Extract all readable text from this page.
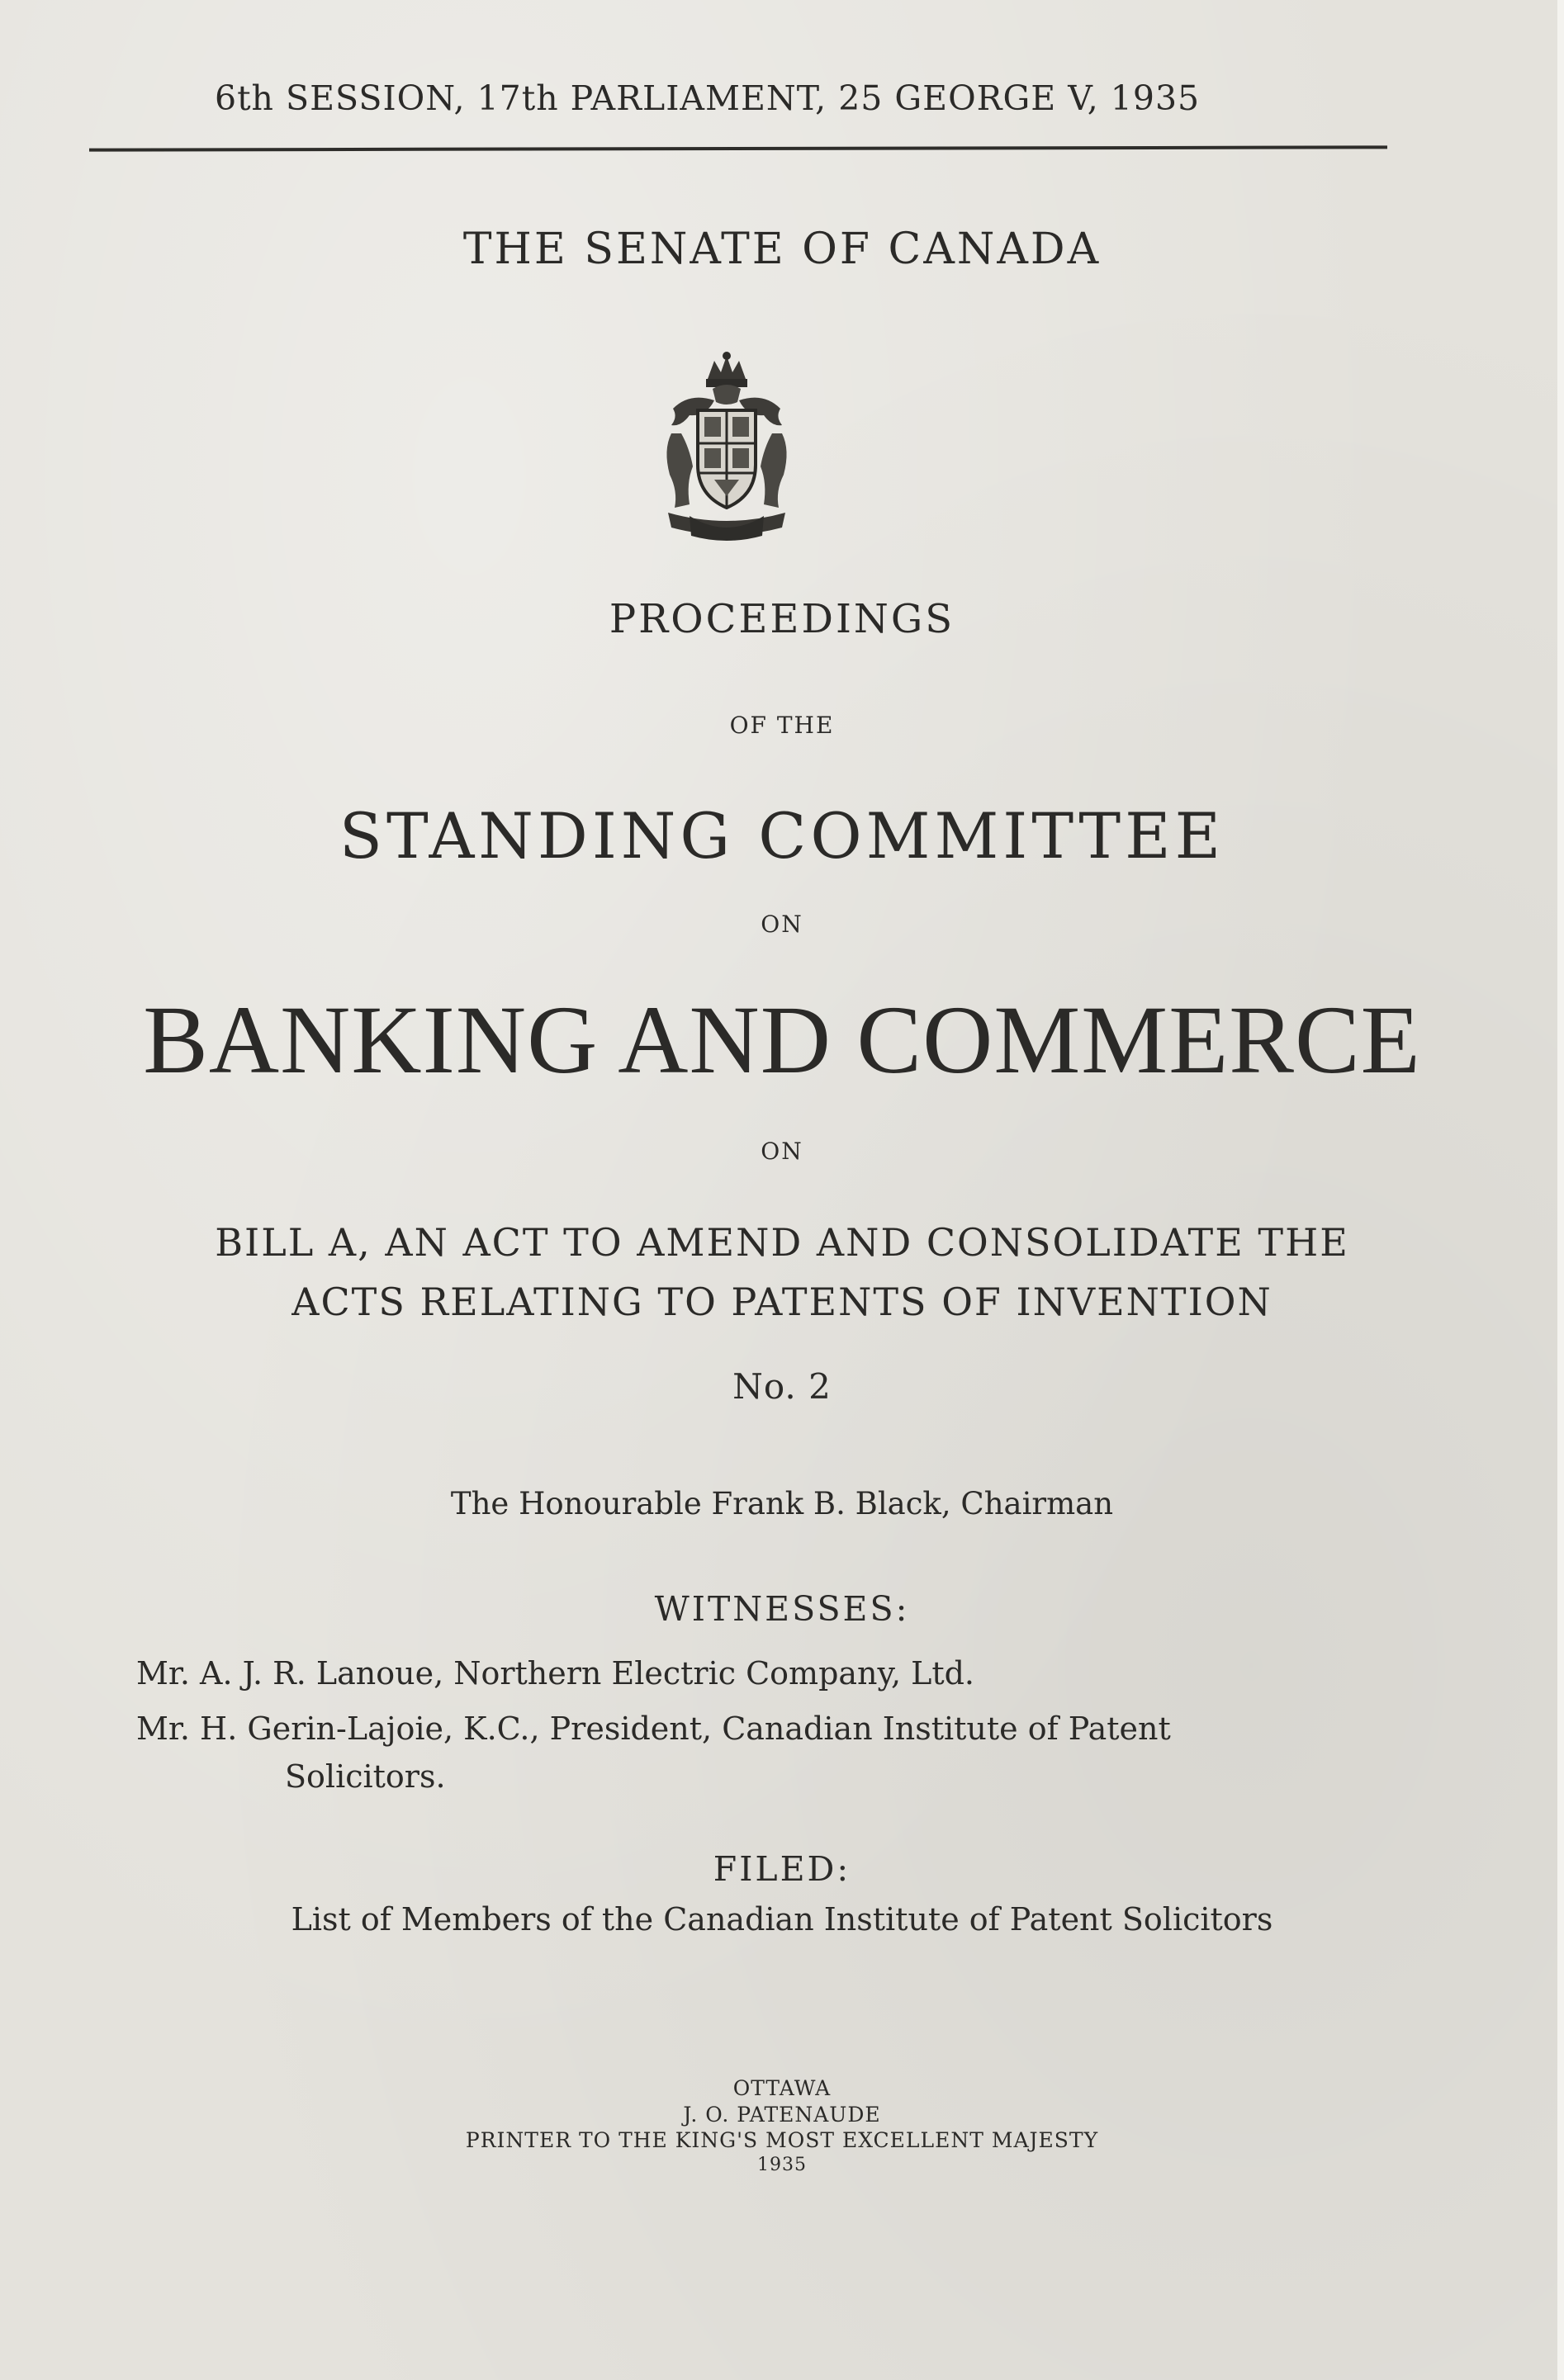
6th SESSION, 17th PARLIAMENT, 25 GEORGE V, 1935
THE SENATE OF CANADA
PROCEEDINGS
OF THE
STANDING COMMITTEE
ON
BANKING AND COMMERCE
ON
BILL A, AN ACT TO AMEND AND CONSOLIDATE THE
ACTS RELATING TO PATENTS OF INVENTION
No. 2
The Honourable Frank B. Black, Chairman
WITNESSES:
Mr. A. J. R. Lanoue, Northern Electric Company, Ltd.
Mr. H. Gerin-Lajoie, K.C., President, Canadian Institute of Patent
Solicitors.
FILED:
List of Members of the Canadian Institute of Patent Solicitors
OTTAWA
J. O. PATENAUDE
PRINTER TO THE KING'S MOST EXCELLENT MAJESTY
1935
